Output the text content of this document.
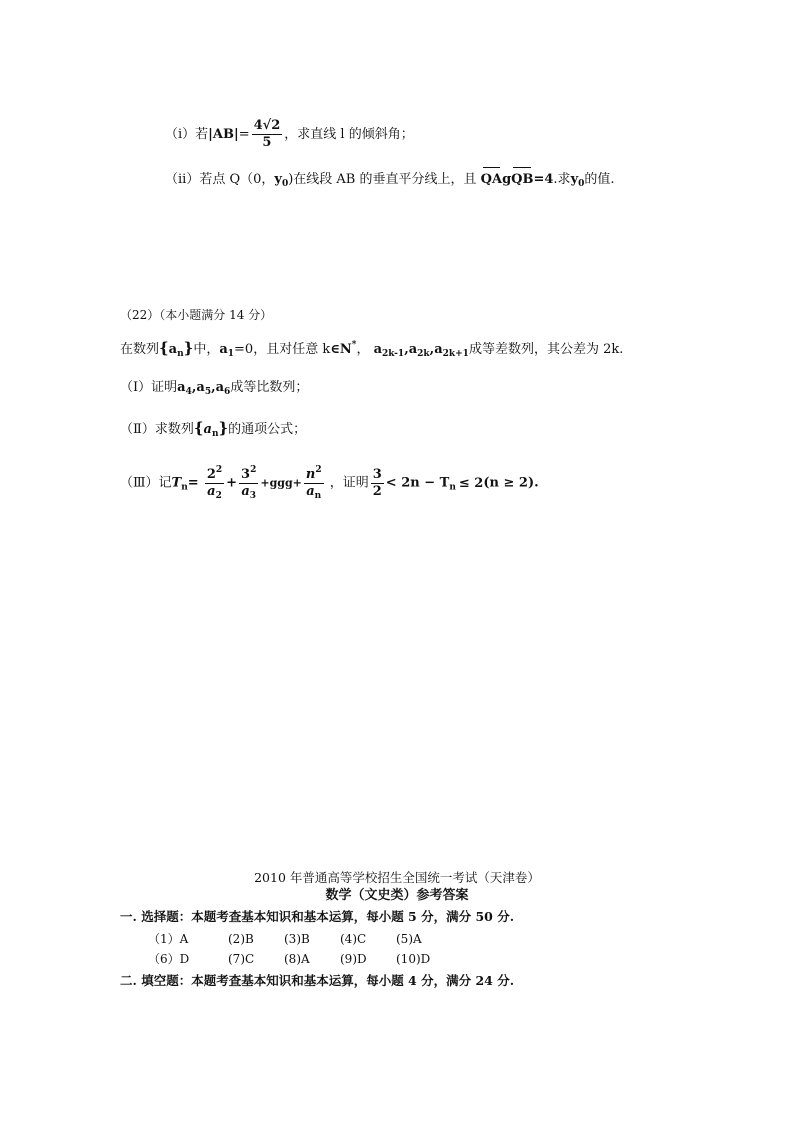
（i）若$|AB|= \frac{4√2}{5}$ ，求直线 l 的倾斜角；
（ii）若点 Q（0，$y_0$)在线段 AB 的垂直平分线上，且 QAgQB=4.求$y_0$的值.
（22）（本小题满分 14 分）
在数列$\{a_n\}$中，$a_1=0$，且对任意 k∈N*， $a_{2k-1},a_{2k},a_{2k+1}$成等差数列，其公差为 2k.
（Ⅰ）证明$a_4,a_5,a_6$成等比数列；
（Ⅱ）求数列$\{a_n\}$的通项公式；
（Ⅲ）记$T_n= \frac{2^2}{a_2} + \frac{3^2}{a_3} +ggg+ \frac{n^2}{a_n}$ ，证明 $\frac{3}{2} < 2n - T_n \le 2(n \ge 2)$.
2010 年普通高等学校招生全国统一考试（天津卷）
数学（文史类）参考答案
一. 选择题：本题考查基本知识和基本运算，每小题 5 分，满分 50 分.
（1）A	(2)B	(3)B	(4)C (5)A
（6）D	(7)C (8)A	(9)D (10)D
二. 填空题：本题考查基本知识和基本运算，每小题 4 分，满分 24 分.
